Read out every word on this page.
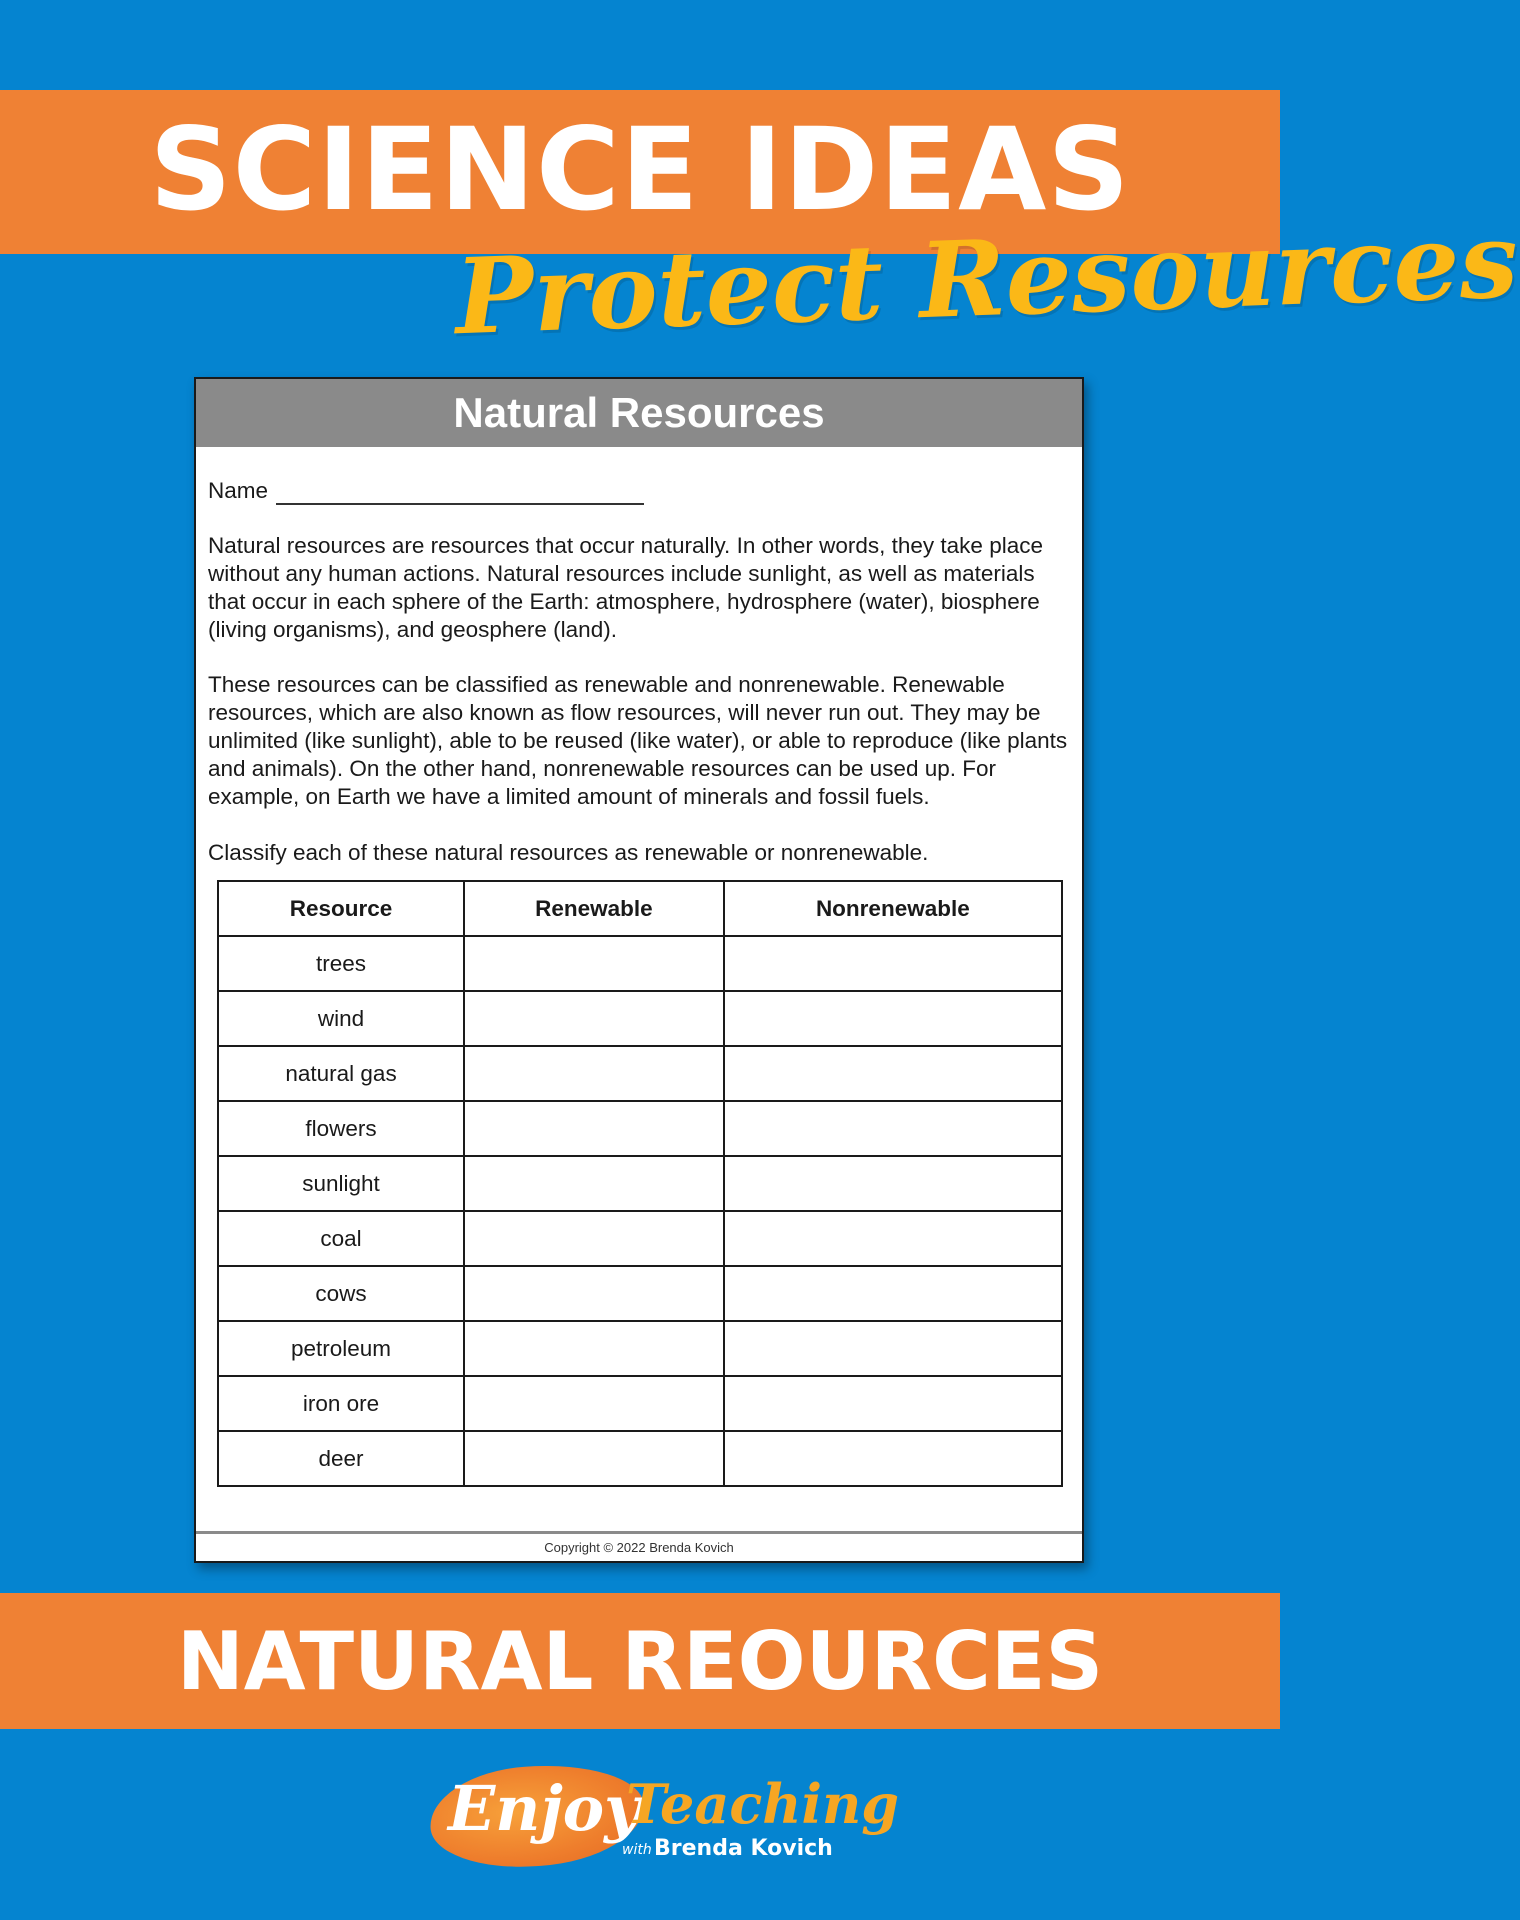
SCIENCE IDEAS
Protect Resources
Natural Resources
Name

Natural resources are resources that occur naturally. In other words, they take place without any human actions. Natural resources include sunlight, as well as materials that occur in each sphere of the Earth: atmosphere, hydrosphere (water), biosphere (living organisms), and geosphere (land).

These resources can be classified as renewable and nonrenewable. Renewable resources, which are also known as flow resources, will never run out. They may be unlimited (like sunlight), able to be reused (like water), or able to reproduce (like plants and animals). On the other hand, nonrenewable resources can be used up. For example, on Earth we have a limited amount of minerals and fossil fuels.

Classify each of these natural resources as renewable or nonrenewable.
Resource	Renewable	Nonrenewable
trees		
wind		
natural gas		
flowers		
sunlight		
coal		
cows		
petroleum		
iron ore		
deer		
Copyright © 2022 Brenda Kovich
NATURAL REOURCES
Enjoy
Teaching
with Brenda Kovich
